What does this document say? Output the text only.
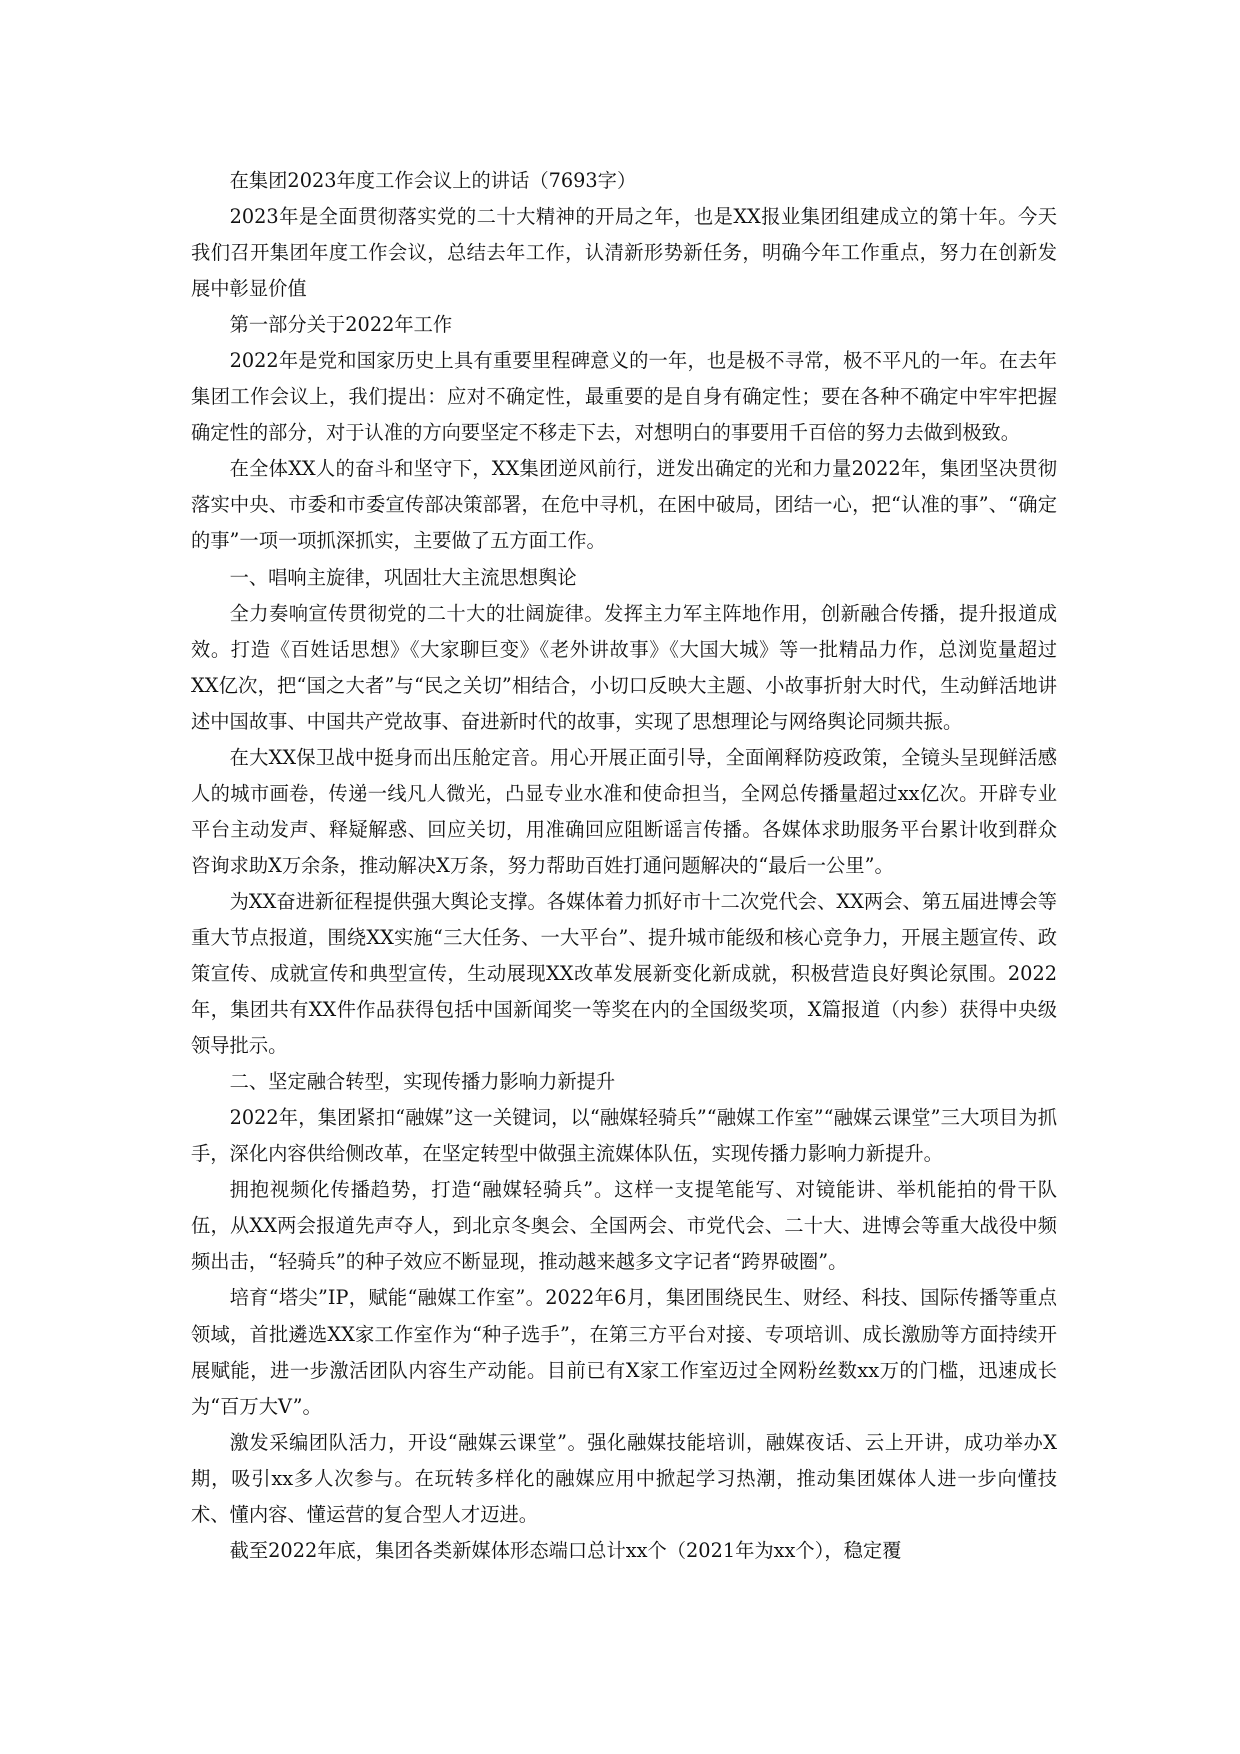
在集团2023年度工作会议上的讲话（7693字）

2023年是全面贯彻落实党的二十大精神的开局之年，也是XX报业集团组建成立的第十年。今天我们召开集团年度工作会议，总结去年工作，认清新形势新任务，明确今年工作重点，努力在创新发展中彰显价值

第一部分关于2022年工作

2022年是党和国家历史上具有重要里程碑意义的一年，也是极不寻常，极不平凡的一年。在去年集团工作会议上，我们提出：应对不确定性，最重要的是自身有确定性；要在各种不确定中牢牢把握确定性的部分，对于认准的方向要坚定不移走下去，对想明白的事要用千百倍的努力去做到极致。

在全体XX人的奋斗和坚守下，XX集团逆风前行，迸发出确定的光和力量2022年，集团坚决贯彻落实中央、市委和市委宣传部决策部署，在危中寻机，在困中破局，团结一心，把“认准的事”、“确定的事”一项一项抓深抓实，主要做了五方面工作。

一、唱响主旋律，巩固壮大主流思想舆论

全力奏响宣传贯彻党的二十大的壮阔旋律。发挥主力军主阵地作用，创新融合传播，提升报道成效。打造《百姓话思想》《大家聊巨变》《老外讲故事》《大国大城》等一批精品力作，总浏览量超过XX亿次，把“国之大者”与“民之关切”相结合，小切口反映大主题、小故事折射大时代，生动鲜活地讲述中国故事、中国共产党故事、奋进新时代的故事，实现了思想理论与网络舆论同频共振。

在大XX保卫战中挺身而出压舱定音。用心开展正面引导，全面阐释防疫政策，全镜头呈现鲜活感人的城市画卷，传递一线凡人微光，凸显专业水准和使命担当，全网总传播量超过xx亿次。开辟专业平台主动发声、释疑解惑、回应关切，用准确回应阻断谣言传播。各媒体求助服务平台累计收到群众咨询求助X万余条，推动解决X万条，努力帮助百姓打通问题解决的“最后一公里”。

为XX奋进新征程提供强大舆论支撑。各媒体着力抓好市十二次党代会、XX两会、第五届进博会等重大节点报道，围绕XX实施“三大任务、一大平台”、提升城市能级和核心竞争力，开展主题宣传、政策宣传、成就宣传和典型宣传，生动展现XX改革发展新变化新成就，积极营造良好舆论氛围。2022年，集团共有XX件作品获得包括中国新闻奖一等奖在内的全国级奖项，X篇报道（内参）获得中央级领导批示。

二、坚定融合转型，实现传播力影响力新提升

2022年，集团紧扣“融媒”这一关键词，以“融媒轻骑兵”“融媒工作室”“融媒云课堂”三大项目为抓手，深化内容供给侧改革，在坚定转型中做强主流媒体队伍，实现传播力影响力新提升。

拥抱视频化传播趋势，打造“融媒轻骑兵”。这样一支提笔能写、对镜能讲、举机能拍的骨干队伍，从XX两会报道先声夺人，到北京冬奥会、全国两会、市党代会、二十大、进博会等重大战役中频频出击，“轻骑兵”的种子效应不断显现，推动越来越多文字记者“跨界破圈”。

培育“塔尖”IP，赋能“融媒工作室”。2022年6月，集团围绕民生、财经、科技、国际传播等重点领域，首批遴选XX家工作室作为“种子选手”，在第三方平台对接、专项培训、成长激励等方面持续开展赋能，进一步激活团队内容生产动能。目前已有X家工作室迈过全网粉丝数xx万的门槛，迅速成长为“百万大V”。

激发采编团队活力，开设“融媒云课堂”。强化融媒技能培训，融媒夜话、云上开讲，成功举办X期，吸引xx多人次参与。在玩转多样化的融媒应用中掀起学习热潮，推动集团媒体人进一步向懂技术、懂内容、懂运营的复合型人才迈进。

截至2022年底，集团各类新媒体形态端口总计xx个（2021年为xx个），稳定覆
